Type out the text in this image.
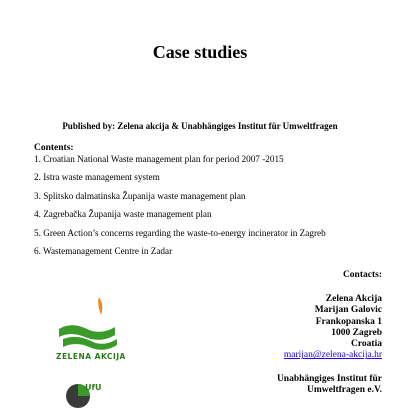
Case studies
Published by: Zelena akcija & Unabhängiges Institut für Umweltfragen
Contents:
1. Croatian National Waste management plan for period 2007 -2015
2. Istra waste management system
3. Splitsko dalmatinska Županija waste management plan
4. Zagrebačka Županija waste management plan
5. Green Action’s concerns regarding the waste-to-energy incinerator in Zagreb
6. Wastemanagement Centre in Zadar
Contacts:
Zelena Akcija
Marijan Galovic
Frankopanska 1
1000 Zagreb
Croatia
marijan@zelena-akcija.hr
Unabhängiges Institut für
Umweltfragen e.V.
ZELENA AKCIJA
UfU
